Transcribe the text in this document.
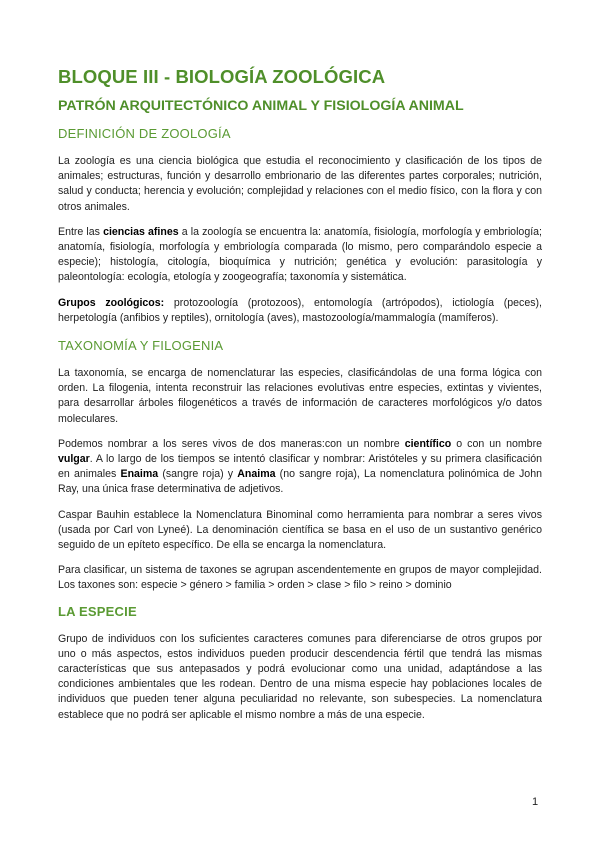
BLOQUE III - BIOLOGÍA ZOOLÓGICA
PATRÓN ARQUITECTÓNICO ANIMAL Y FISIOLOGÍA ANIMAL
DEFINICIÓN DE ZOOLOGÍA

La zoología es una ciencia biológica que estudia el reconocimiento y clasificación de los tipos de animales; estructuras, función y desarrollo embrionario de las diferentes partes corporales; nutrición, salud y conducta; herencia y evolución; complejidad y relaciones con el medio físico, con la flora y con otros animales.

Entre las ciencias afines a la zoología se encuentra la: anatomía, fisiología, morfología y embriología; anatomía, fisiología, morfología y embriología comparada (lo mismo, pero comparándolo especie a especie); histología, citología, bioquímica y nutrición; genética y evolución: parasitología y paleontología: ecología, etología y zoogeografía; taxonomía y sistemática.

Grupos zoológicos: protozoología (protozoos), entomología (artrópodos), ictiología (peces), herpetología (anfibios y reptiles), ornitología (aves), mastozoología/mammalogía (mamíferos).

TAXONOMÍA Y FILOGENIA

La taxonomía, se encarga de nomenclaturar las especies, clasificándolas de una forma lógica con orden. La filogenia, intenta reconstruir las relaciones evolutivas entre especies, extintas y vivientes, para desarrollar árboles filogenéticos a través de información de caracteres morfológicos y/o datos moleculares.

Podemos nombrar a los seres vivos de dos maneras:con un nombre científico o con un nombre vulgar. A lo largo de los tiempos se intentó clasificar y nombrar: Aristóteles y su primera clasificación en animales Enaima (sangre roja) y Anaima (no sangre roja), La nomenclatura polinómica de John Ray, una única frase determinativa de adjetivos.

Caspar Bauhin establece la Nomenclatura Binominal como herramienta para nombrar a seres vivos (usada por Carl von Lyneé). La denominación científica se basa en el uso de un sustantivo genérico seguido de un epíteto específico. De ella se encarga la nomenclatura.

Para clasificar, un sistema de taxones se agrupan ascendentemente en grupos de mayor complejidad. Los taxones son: especie > género > familia > orden > clase > filo > reino > dominio

LA ESPECIE

Grupo de individuos con los suficientes caracteres comunes para diferenciarse de otros grupos por uno o más aspectos, estos individuos pueden producir descendencia fértil que tendrá las mismas características que sus antepasados y podrá evolucionar como una unidad, adaptándose a las condiciones ambientales que les rodean. Dentro de una misma especie hay poblaciones locales de individuos que pueden tener alguna peculiaridad no relevante, son subespecies. La nomenclatura establece que no podrá ser aplicable el mismo nombre a más de una especie.

1
